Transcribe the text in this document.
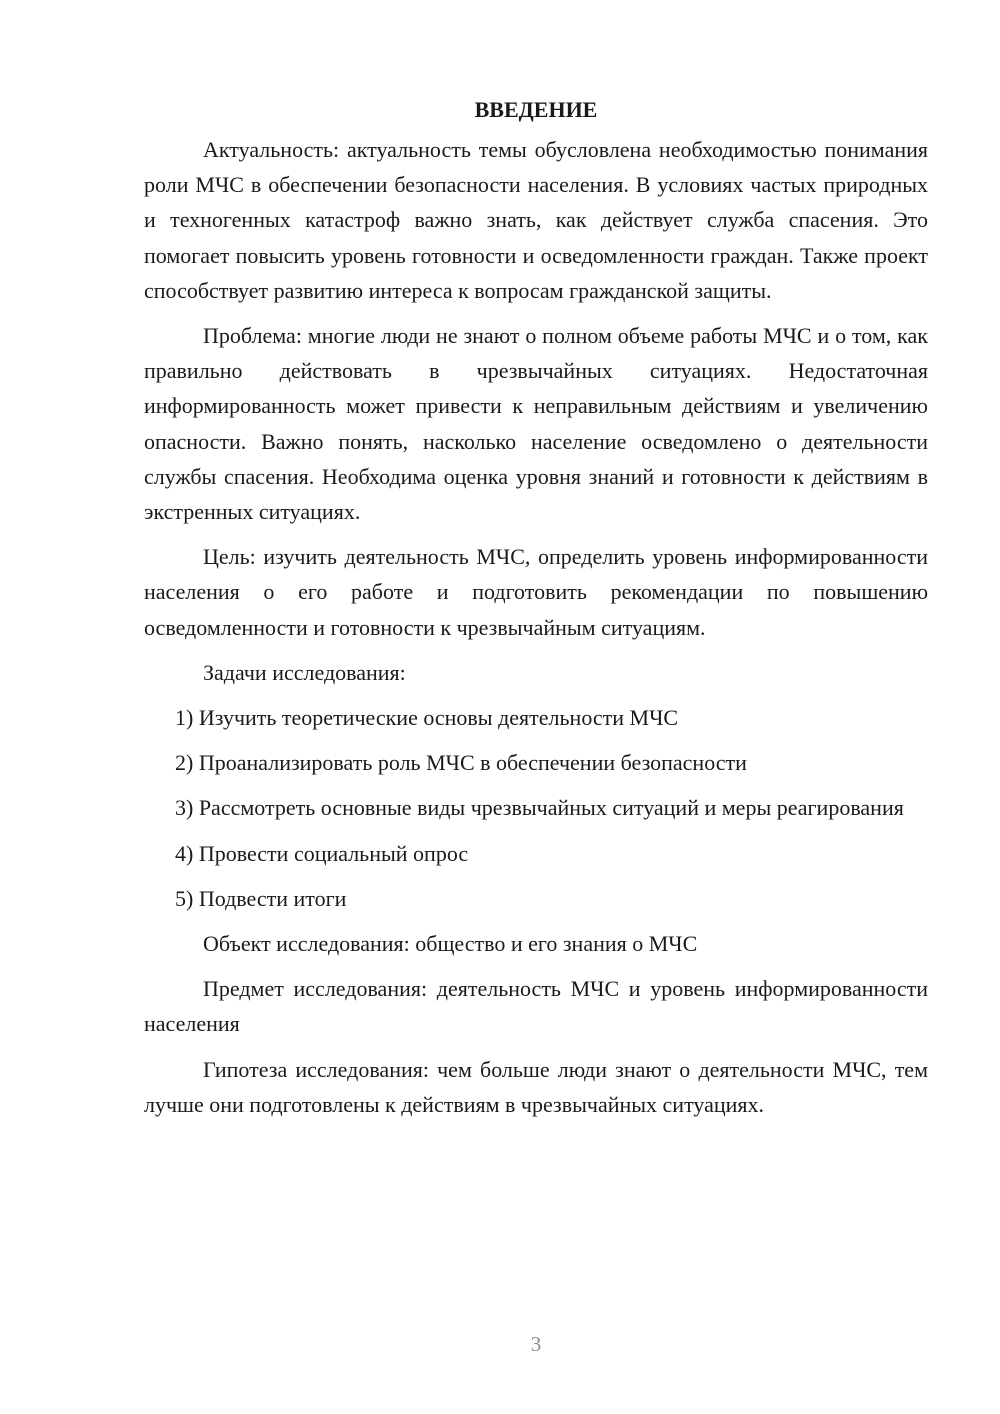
ВВЕДЕНИЕ

Актуальность: актуальность темы обусловлена необходимостью понимания роли МЧС в обеспечении безопасности населения. В условиях частых природных и техногенных катастроф важно знать, как действует служба спасения. Это помогает повысить уровень готовности и осведомленности граждан. Также проект способствует развитию интереса к вопросам гражданской защиты.

Проблема: многие люди не знают о полном объеме работы МЧС и о том, как правильно действовать в чрезвычайных ситуациях. Недостаточная информированность может привести к неправильным действиям и увеличению опасности. Важно понять, насколько население осведомлено о деятельности службы спасения. Необходима оценка уровня знаний и готовности к действиям в экстренных ситуациях.

Цель: изучить деятельность МЧС, определить уровень информированности населения о его работе и подготовить рекомендации по повышению осведомленности и готовности к чрезвычайным ситуациям.

Задачи исследования:

1) Изучить теоретические основы деятельности МЧС

2) Проанализировать роль МЧС в обеспечении безопасности

3) Рассмотреть основные виды чрезвычайных ситуаций и меры реагирования

4) Провести социальный опрос

5) Подвести итоги

Объект исследования: общество и его знания о МЧС

Предмет исследования: деятельность МЧС и уровень информированности населения

Гипотеза исследования: чем больше люди знают о деятельности МЧС, тем лучше они подготовлены к действиям в чрезвычайных ситуациях.

3
